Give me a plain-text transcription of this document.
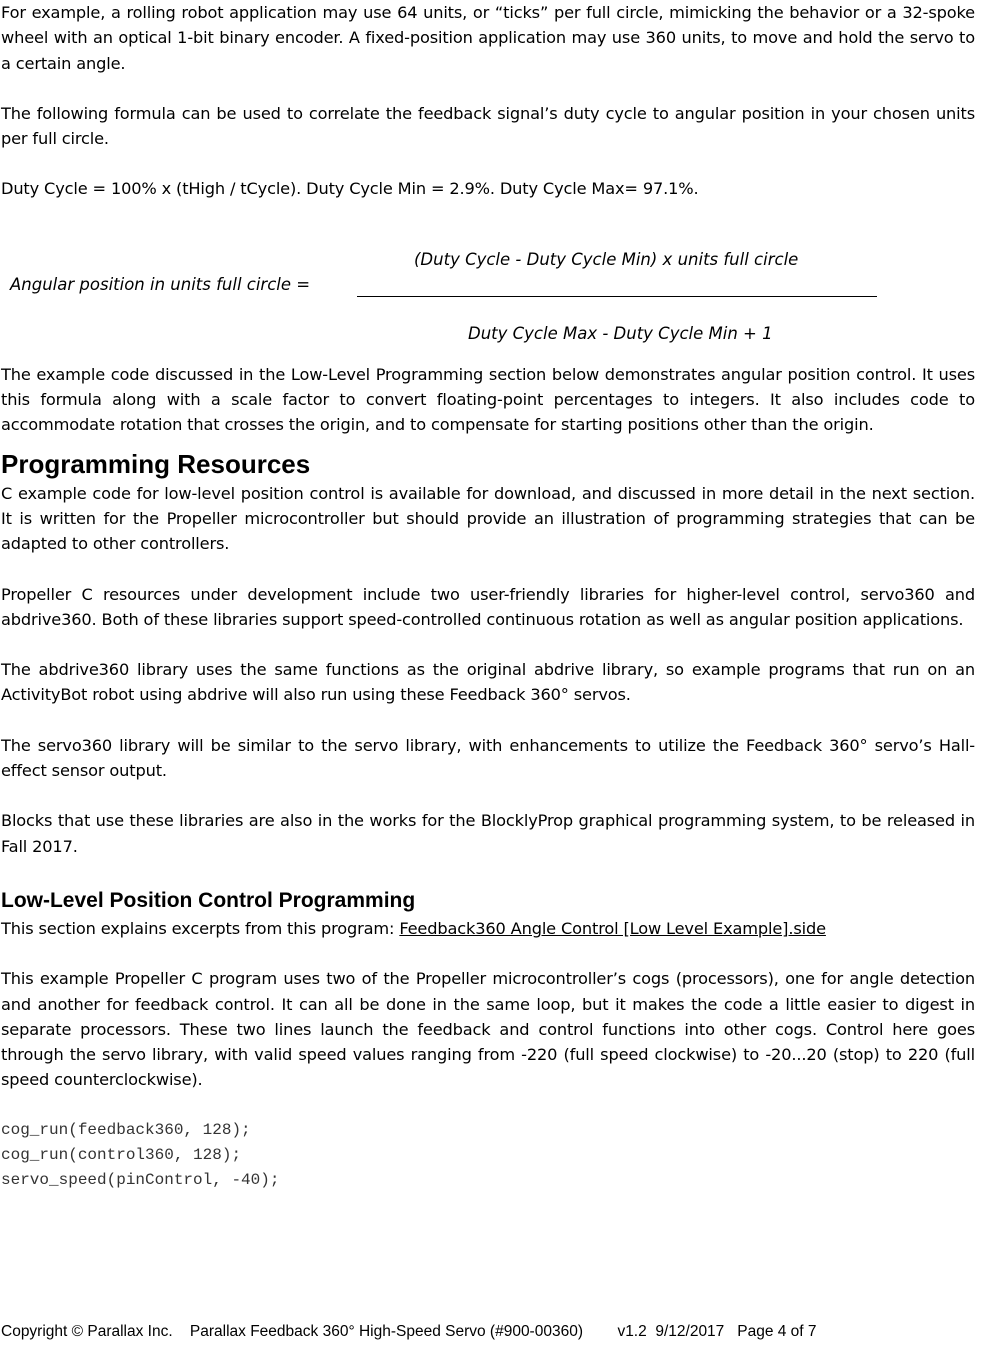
For example, a rolling robot application may use 64 units, or “ticks” per full circle, mimicking the behavior or a 32-spoke wheel with an optical 1-bit binary encoder. A fixed-position application may use 360 units, to move and hold the servo to a certain angle.

The following formula can be used to correlate the feedback signal’s duty cycle to angular position in your chosen units per full circle.

Duty Cycle = 100% x (tHigh / tCycle). Duty Cycle Min = 2.9%. Duty Cycle Max= 97.1%.

(Duty Cycle - Duty Cycle Min) x units full circle
Angular position in units full circle =
Duty Cycle Max - Duty Cycle Min + 1

The example code discussed in the Low-Level Programming section below demonstrates angular position control. It uses this formula along with a scale factor to convert floating-point percentages to integers. It also includes code to accommodate rotation that crosses the origin, and to compensate for starting positions other than the origin.

Programming Resources

C example code for low-level position control is available for download, and discussed in more detail in the next section. It is written for the Propeller microcontroller but should provide an illustration of programming strategies that can be adapted to other controllers.

Propeller C resources under development include two user-friendly libraries for higher-level control, servo360 and abdrive360. Both of these libraries support speed-controlled continuous rotation as well as angular position applications.

The abdrive360 library uses the same functions as the original abdrive library, so example programs that run on an ActivityBot robot using abdrive will also run using these Feedback 360° servos.

The servo360 library will be similar to the servo library, with enhancements to utilize the Feedback 360° servo’s Hall-effect sensor output.

Blocks that use these libraries are also in the works for the BlocklyProp graphical programming system, to be released in Fall 2017.

Low-Level Position Control Programming

This section explains excerpts from this program: Feedback360 Angle Control [Low Level Example].side

This example Propeller C program uses two of the Propeller microcontroller’s cogs (processors), one for angle detection and another for feedback control. It can all be done in the same loop, but it makes the code a little easier to digest in separate processors. These two lines launch the feedback and control functions into other cogs. Control here goes through the servo library, with valid speed values ranging from -220 (full speed clockwise) to -20...20 (stop) to 220 (full speed counterclockwise).

cog_run(feedback360, 128);
cog_run(control360, 128);
servo_speed(pinControl, -40);
Copyright © Parallax Inc. Parallax Feedback 360° High-Speed Servo (#900-00360) v1.2  9/12/2017 Page 4 of 7
